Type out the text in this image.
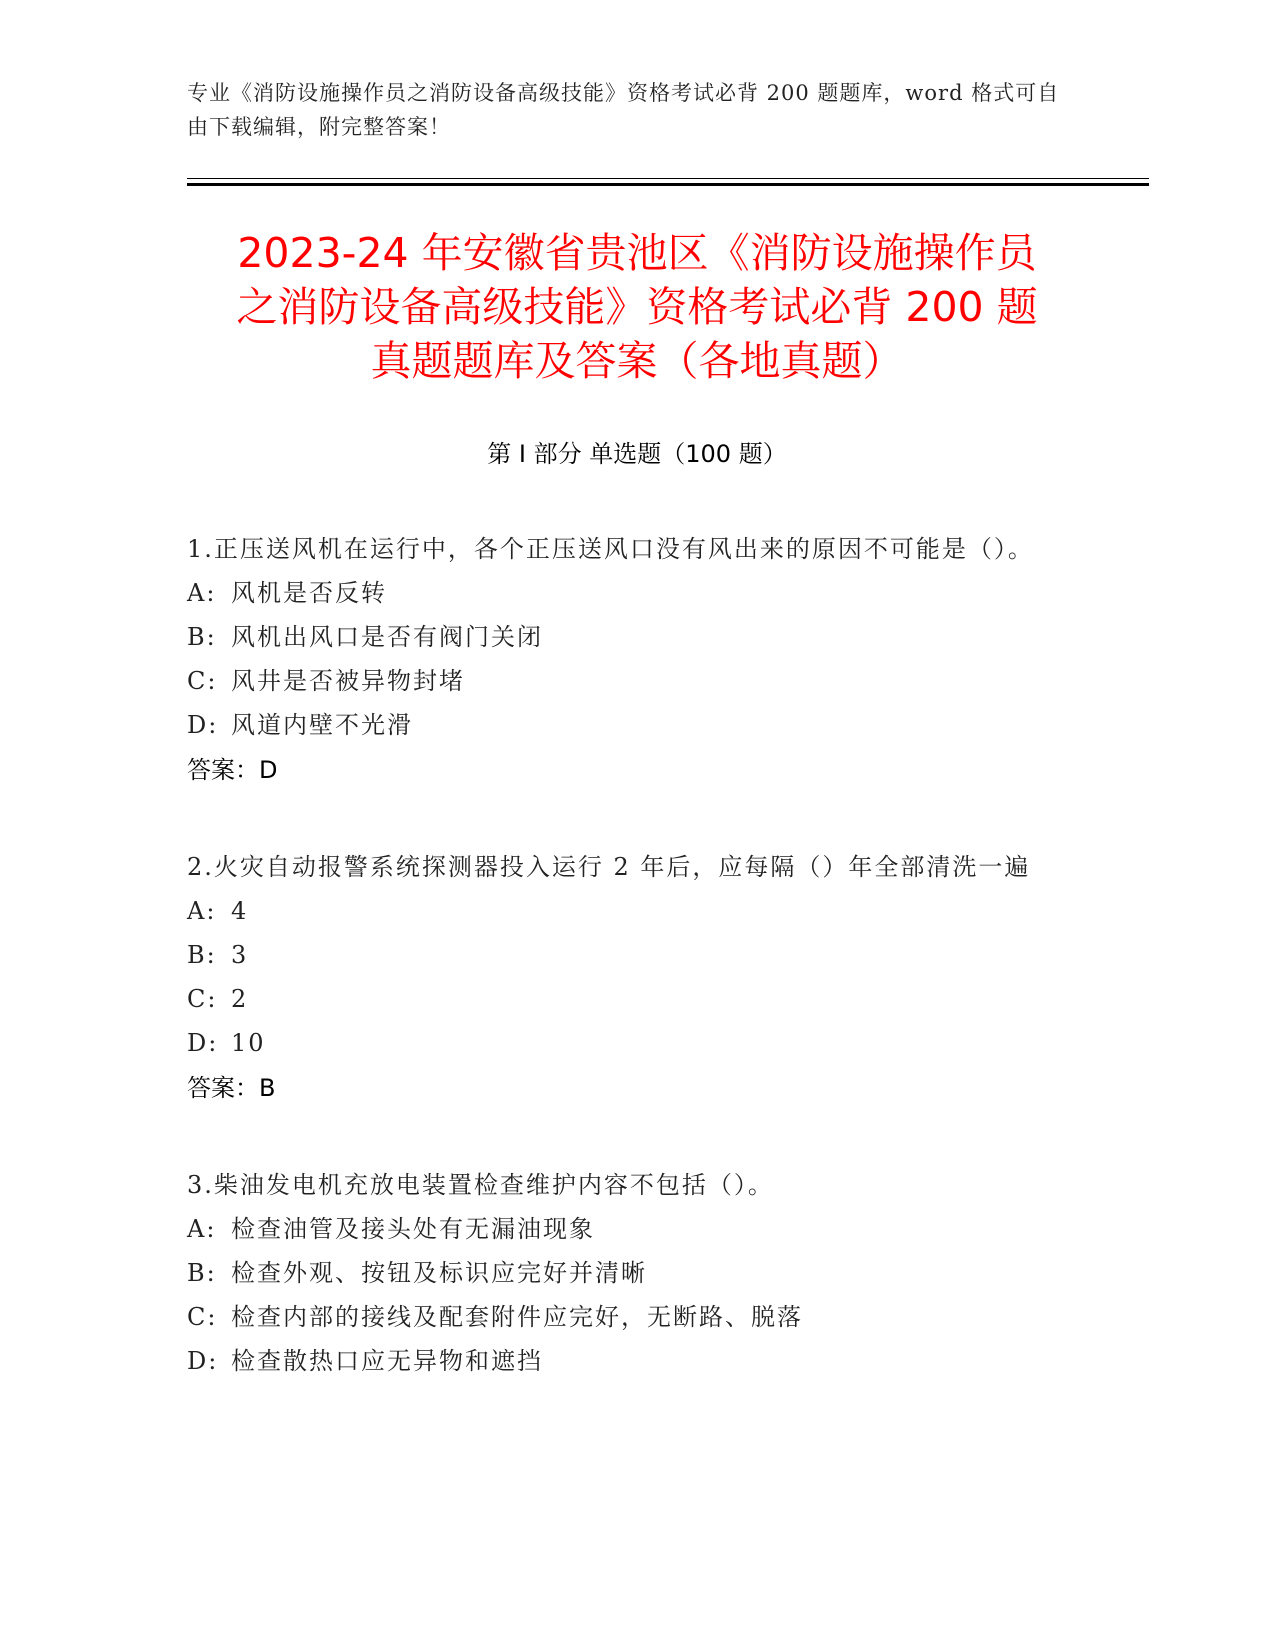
专业《消防设施操作员之消防设备高级技能》资格考试必背 200 题题库，word 格式可自由下载编辑，附完整答案！
2023-24 年安徽省贵池区《消防设施操作员
之消防设备高级技能》资格考试必背 200 题
真题题库及答案（各地真题）
第 I 部分 单选题（100 题）
1.正压送风机在运行中，各个正压送风口没有风出来的原因不可能是（）。
A: 风机是否反转
B: 风机出风口是否有阀门关闭
C: 风井是否被异物封堵
D: 风道内壁不光滑
答案：D
2.火灾自动报警系统探测器投入运行 2 年后，应每隔（）年全部清洗一遍
A: 4
B: 3
C: 2
D: 10
答案：B
3.柴油发电机充放电装置检查维护内容不包括（）。
A: 检查油管及接头处有无漏油现象
B: 检查外观、按钮及标识应完好并清晰
C: 检查内部的接线及配套附件应完好，无断路、脱落
D: 检查散热口应无异物和遮挡
